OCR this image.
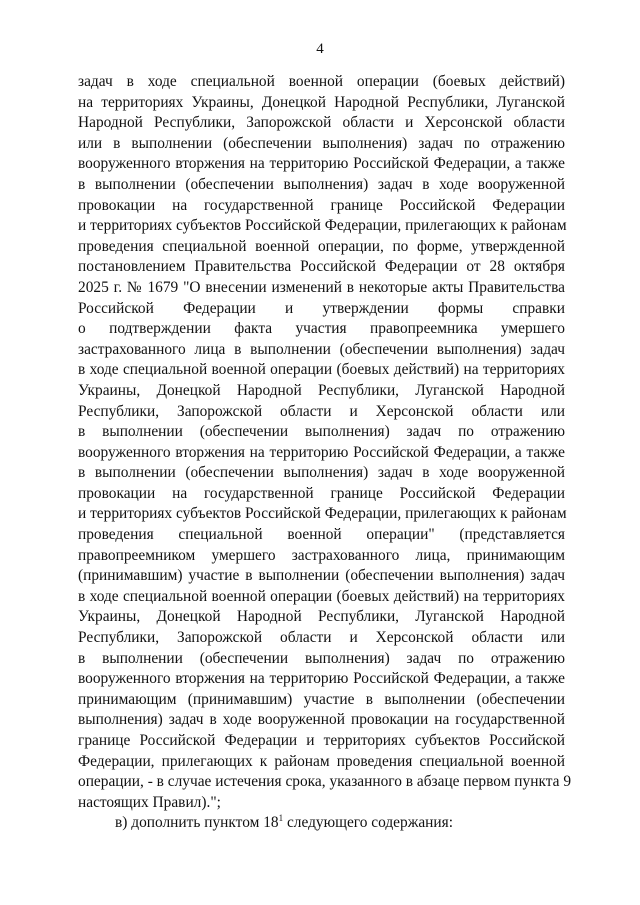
4
задач в ходе специальной военной операции (боевых действий)
на территориях Украины, Донецкой Народной Республики, Луганской
Народной Республики, Запорожской области и Херсонской области
или в выполнении (обеспечении выполнения) задач по отражению
вооруженного вторжения на территорию Российской Федерации, а также
в выполнении (обеспечении выполнения) задач в ходе вооруженной
провокации на государственной границе Российской Федерации
и территориях субъектов Российской Федерации, прилегающих к районам
проведения специальной военной операции, по форме, утвержденной
постановлением Правительства Российской Федерации от 28 октября
2025 г. № 1679 "О внесении изменений в некоторые акты Правительства
Российской Федерации и утверждении формы справки
о подтверждении факта участия правопреемника умершего
застрахованного лица в выполнении (обеспечении выполнения) задач
в ходе специальной военной операции (боевых действий) на территориях
Украины, Донецкой Народной Республики, Луганской Народной
Республики, Запорожской области и Херсонской области или
в выполнении (обеспечении выполнения) задач по отражению
вооруженного вторжения на территорию Российской Федерации, а также
в выполнении (обеспечении выполнения) задач в ходе вооруженной
провокации на государственной границе Российской Федерации
и территориях субъектов Российской Федерации, прилегающих к районам
проведения специальной военной операции" (представляется
правопреемником умершего застрахованного лица, принимающим
(принимавшим) участие в выполнении (обеспечении выполнения) задач
в ходе специальной военной операции (боевых действий) на территориях
Украины, Донецкой Народной Республики, Луганской Народной
Республики, Запорожской области и Херсонской области или
в выполнении (обеспечении выполнения) задач по отражению
вооруженного вторжения на территорию Российской Федерации, а также
принимающим (принимавшим) участие в выполнении (обеспечении
выполнения) задач в ходе вооруженной провокации на государственной
границе Российской Федерации и территориях субъектов Российской
Федерации, прилегающих к районам проведения специальной военной
операции, - в случае истечения срока, указанного в абзаце первом пункта 9
настоящих Правил).";
в) дополнить пунктом $18^1$ следующего содержания:
